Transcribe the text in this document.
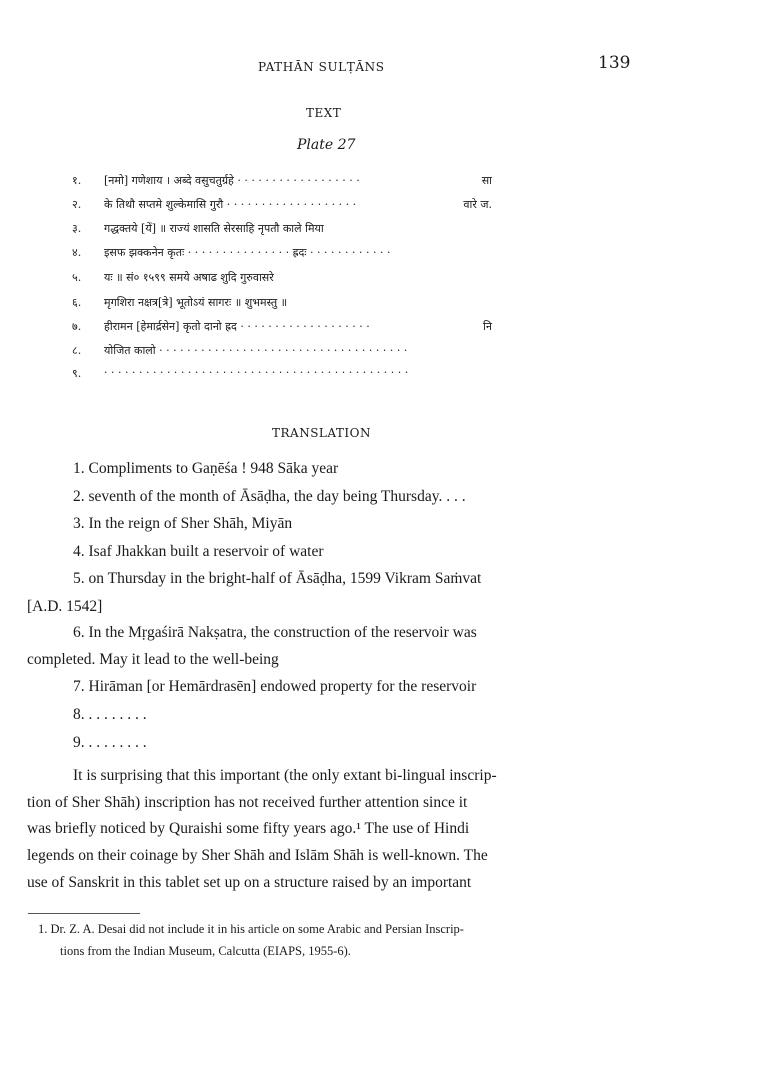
PATHĀN SULṬĀNS	139
TEXT
Plate 27
१. [नमो] गणेशाय । अब्दे वसुचतुर्ग्रहे · · · · · · · · · · · · · · · · · ·	सा
२. के तिथौ सप्तमे शुल्केमासि गुरौ · · · · · · · · · · · · · · · · · · ·	वारे ज.
३. गद्धक्तये [यें] ॥ राज्यं शासति सेरसाहि नृपतौ काले मिया
४. इसफ झक्कनेन कृतः · · · · · · · · · · · · · · · ह्रदः · · · · · · · · · · · ·
५. यः ॥ सं० १५९९ समये अषाढ शुदि गुरुवासरे
६. मृगशिरा नक्षत्र[त्रे] भूतोऽयं सागरः ॥ शुभमस्तु ॥
७. हीरामन [हेमार्द्रसेन] कृतो दानो ह्रद · · · · · · · · · · · · · · · · · · ·	नि
८. योजित कालो · · · · · · · · · · · · · · · · · · · · · · · · · · · · · · · · · · · ·
९. · · · · · · · · · · · · · · · · · · · · · · · · · · · · · · · · · · · · · · · · · · · ·
TRANSLATION
1. Compliments to Gaṇēśa ! 948 Sāka year
2. seventh of the month of Āsāḍha, the day being Thursday. . . .
3. In the reign of Sher Shāh, Miyān
4. Isaf Jhakkan built a reservoir of water
5. on Thursday in the bright-half of Āsāḍha, 1599 Vikram Saṁvat
[A.D. 1542]
6. In the Mṛgaśirā Nakṣatra, the construction of the reservoir was
completed. May it lead to the well-being
7. Hirāman [or Hemārdrasēn] endowed property for the reservoir
8. . . . . . . . .
9. . . . . . . . .
It is surprising that this important (the only extant bi-lingual inscrip-
tion of Sher Shāh) inscription has not received further attention since it
was briefly noticed by Quraishi some fifty years ago.¹ The use of Hindi
legends on their coinage by Sher Shāh and Islām Shāh is well-known. The
use of Sanskrit in this tablet set up on a structure raised by an important
1. Dr. Z. A. Desai did not include it in his article on some Arabic and Persian Inscrip-
tions from the Indian Museum, Calcutta (EIAPS, 1955-6).
